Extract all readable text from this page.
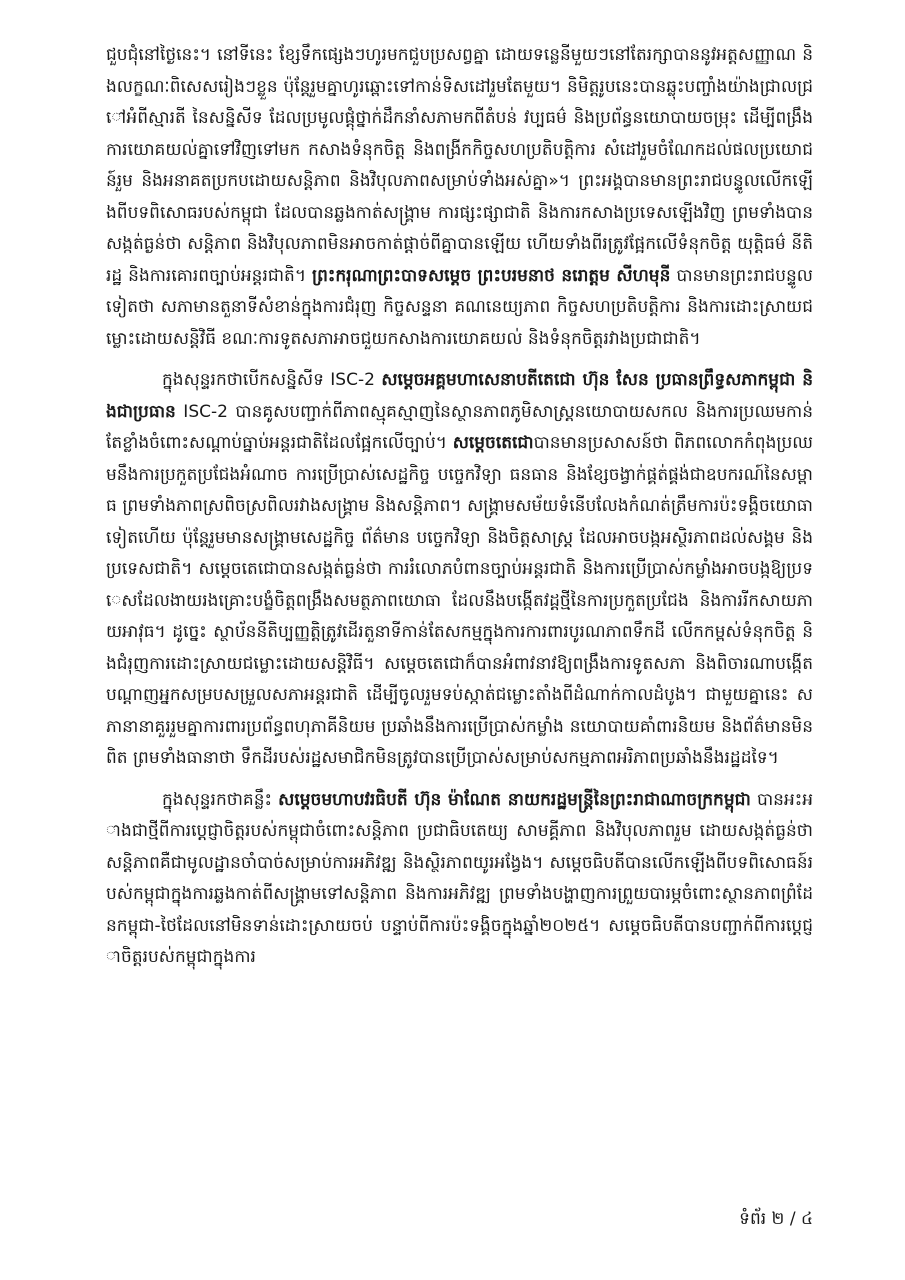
ជួបជុំនៅថ្ងៃនេះ។ នៅទីនេះ ខ្សែទឹកផ្សេងៗហូរមកជួបប្រសព្វគ្នា ដោយទន្លេនីមួយៗនៅតែរក្សាបាននូវអត្តសញ្ញាណ និងលក្ខណៈពិសេសរៀងៗខ្លួន ប៉ុន្តែរួមគ្នាហូរឆ្ពោះទៅកាន់ទិសដៅរួមតែមួយ។ និមិត្តរូបនេះបានឆ្លុះបញ្ចាំងយ៉ាងជ្រាលជ្រៅអំពីស្មារតី នៃសន្និសីទ ដែលប្រមូលផ្តុំថ្នាក់ដឹកនាំសភាមកពីតំបន់ វប្បធម៌ និងប្រព័ន្ធនយោបាយចម្រុះ ដើម្បីពង្រឹងការយោគយល់គ្នាទៅវិញទៅមក កសាងទំនុកចិត្ត និងពង្រីកកិច្ចសហប្រតិបត្តិការ សំដៅរួមចំណែកដល់ផលប្រយោជន៍រួម និងអនាគតប្រកបដោយសន្តិភាព និងវិបុលភាពសម្រាប់ទាំងអស់គ្នា»។ ព្រះអង្គបានមានព្រះរាជបន្ទូលលើកឡើងពីបទពិសោធរបស់កម្ពុជា ដែលបានឆ្លងកាត់សង្គ្រាម ការផ្សះផ្សាជាតិ និងការកសាងប្រទេសឡើងវិញ ព្រមទាំងបានសង្កត់ធ្ងន់ថា សន្តិភាព និងវិបុលភាពមិនអាចកាត់ផ្តាច់ពីគ្នាបានឡើយ ហើយទាំងពីរត្រូវផ្អែកលើទំនុកចិត្ត យុត្តិធម៌ នីតិរដ្ឋ និងការគោរពច្បាប់អន្តរជាតិ។ ព្រះករុណាព្រះបាទសម្តេច ព្រះបរមនាថ នរោត្តម សីហមុនី បានមានព្រះរាជបន្ទូលទៀតថា សភាមានតួនាទីសំខាន់ក្នុងការជំរុញ កិច្ចសន្ទនា គណនេយ្យភាព កិច្ចសហប្រតិបត្តិការ និងការដោះស្រាយជម្លោះដោយសន្តិវិធី ខណៈការទូតសភាអាចជួយកសាងការយោគយល់ និងទំនុកចិត្តរវាងប្រជាជាតិ។

ក្នុងសុន្ទរកថាបើកសន្និសីទ ISC-2 សម្តេចអគ្គមហាសេនាបតីតេជោ ហ៊ុន សែន ប្រធានព្រឹទ្ធសភាកម្ពុជា និងជាប្រធាន ISC-2 បានគូសបញ្ជាក់ពីភាពស្មុគស្មាញនៃស្ថានភាពភូមិសាស្ត្រនយោបាយសកល និងការប្រឈមកាន់តែខ្លាំងចំពោះសណ្តាប់ធ្នាប់អន្តរជាតិដែលផ្អែកលើច្បាប់។ សម្តេចតេជោបានមានប្រសាសន៍ថា ពិភពលោកកំពុងប្រឈមនឹងការប្រកួតប្រជែងអំណាច ការប្រើប្រាស់សេដ្ឋកិច្ច បច្ចេកវិទ្យា ធនធាន និងខ្សែចង្វាក់ផ្គត់ផ្គង់ជាឧបករណ៍នៃសម្ពាធ ព្រមទាំងភាពស្រពិចស្រពិលរវាងសង្គ្រាម និងសន្តិភាព។ សង្គ្រាមសម័យទំនើបលែងកំណត់ត្រឹមការប៉ះទង្គិចយោធាទៀតហើយ ប៉ុន្តែរួមមានសង្គ្រាមសេដ្ឋកិច្ច ព័ត៌មាន បច្ចេកវិទ្យា និងចិត្តសាស្ត្រ ដែលអាចបង្កអស្ថិរភាពដល់សង្គម និងប្រទេសជាតិ។ សម្តេចតេជោបានសង្កត់ធ្ងន់ថា ការរំលោភបំពានច្បាប់អន្តរជាតិ និងការប្រើប្រាស់កម្លាំងអាចបង្កឱ្យប្រទេសដែលងាយរងគ្រោះបង្ខំចិត្តពង្រឹងសមត្ថភាពយោធា ដែលនឹងបង្កើតវដ្តថ្មីនៃការប្រកួតប្រជែង និងការរីកសាយភាយអាវុធ។ ដូច្នេះ ស្ថាប័ននីតិប្បញ្ញត្តិត្រូវដើរតួនាទីកាន់តែសកម្មក្នុងការការពារបូរណភាពទឹកដី លើកកម្ពស់ទំនុកចិត្ត និងជំរុញការដោះស្រាយជម្លោះដោយសន្តិវិធី។ សម្តេចតេជោក៏បានអំពាវនាវឱ្យពង្រឹងការទូតសភា និងពិចារណាបង្កើតបណ្តាញអ្នកសម្របសម្រួលសភាអន្តរជាតិ ដើម្បីចូលរួមទប់ស្កាត់ជម្លោះតាំងពីដំណាក់កាលដំបូង។ ជាមួយគ្នានេះ សភានានាគួររួមគ្នាការពារប្រព័ន្ធពហុភាគីនិយម ប្រឆាំងនឹងការប្រើប្រាស់កម្លាំង នយោបាយគាំពារនិយម និងព័ត៌មានមិនពិត ព្រមទាំងធានាថា ទឹកដីរបស់រដ្ឋសមាជិកមិនត្រូវបានប្រើប្រាស់សម្រាប់សកម្មភាពអរិភាពប្រឆាំងនឹងរដ្ឋដទៃ។

ក្នុងសុន្ទរកថាគន្លឹះ សម្តេចមហាបវរធិបតី ហ៊ុន ម៉ាណែត នាយករដ្ឋមន្ត្រីនៃព្រះរាជាណាចក្រកម្ពុជា បានអះអាងជាថ្មីពីការប្តេជ្ញាចិត្តរបស់កម្ពុជាចំពោះសន្តិភាព ប្រជាធិបតេយ្យ សាមគ្គីភាព និងវិបុលភាពរួម ដោយសង្កត់ធ្ងន់ថា សន្តិភាពគឺជាមូលដ្ឋានចាំបាច់សម្រាប់ការអភិវឌ្ឍ និងស្ថិរភាពយូរអង្វែង។ សម្តេចធិបតីបានលើកឡើងពីបទពិសោធន៍របស់កម្ពុជាក្នុងការឆ្លងកាត់ពីសង្គ្រាមទៅសន្តិភាព និងការអភិវឌ្ឍ ព្រមទាំងបង្ហាញការព្រួយបារម្ភចំពោះស្ថានភាពព្រំដែនកម្ពុជា-ថៃដែលនៅមិនទាន់ដោះស្រាយចប់ បន្ទាប់ពីការប៉ះទង្គិចក្នុងឆ្នាំ២០២៥។ សម្តេចធិបតីបានបញ្ជាក់ពីការប្តេជ្ញាចិត្តរបស់កម្ពុជាក្នុងការ

ទំព័រ ២ / ៤
